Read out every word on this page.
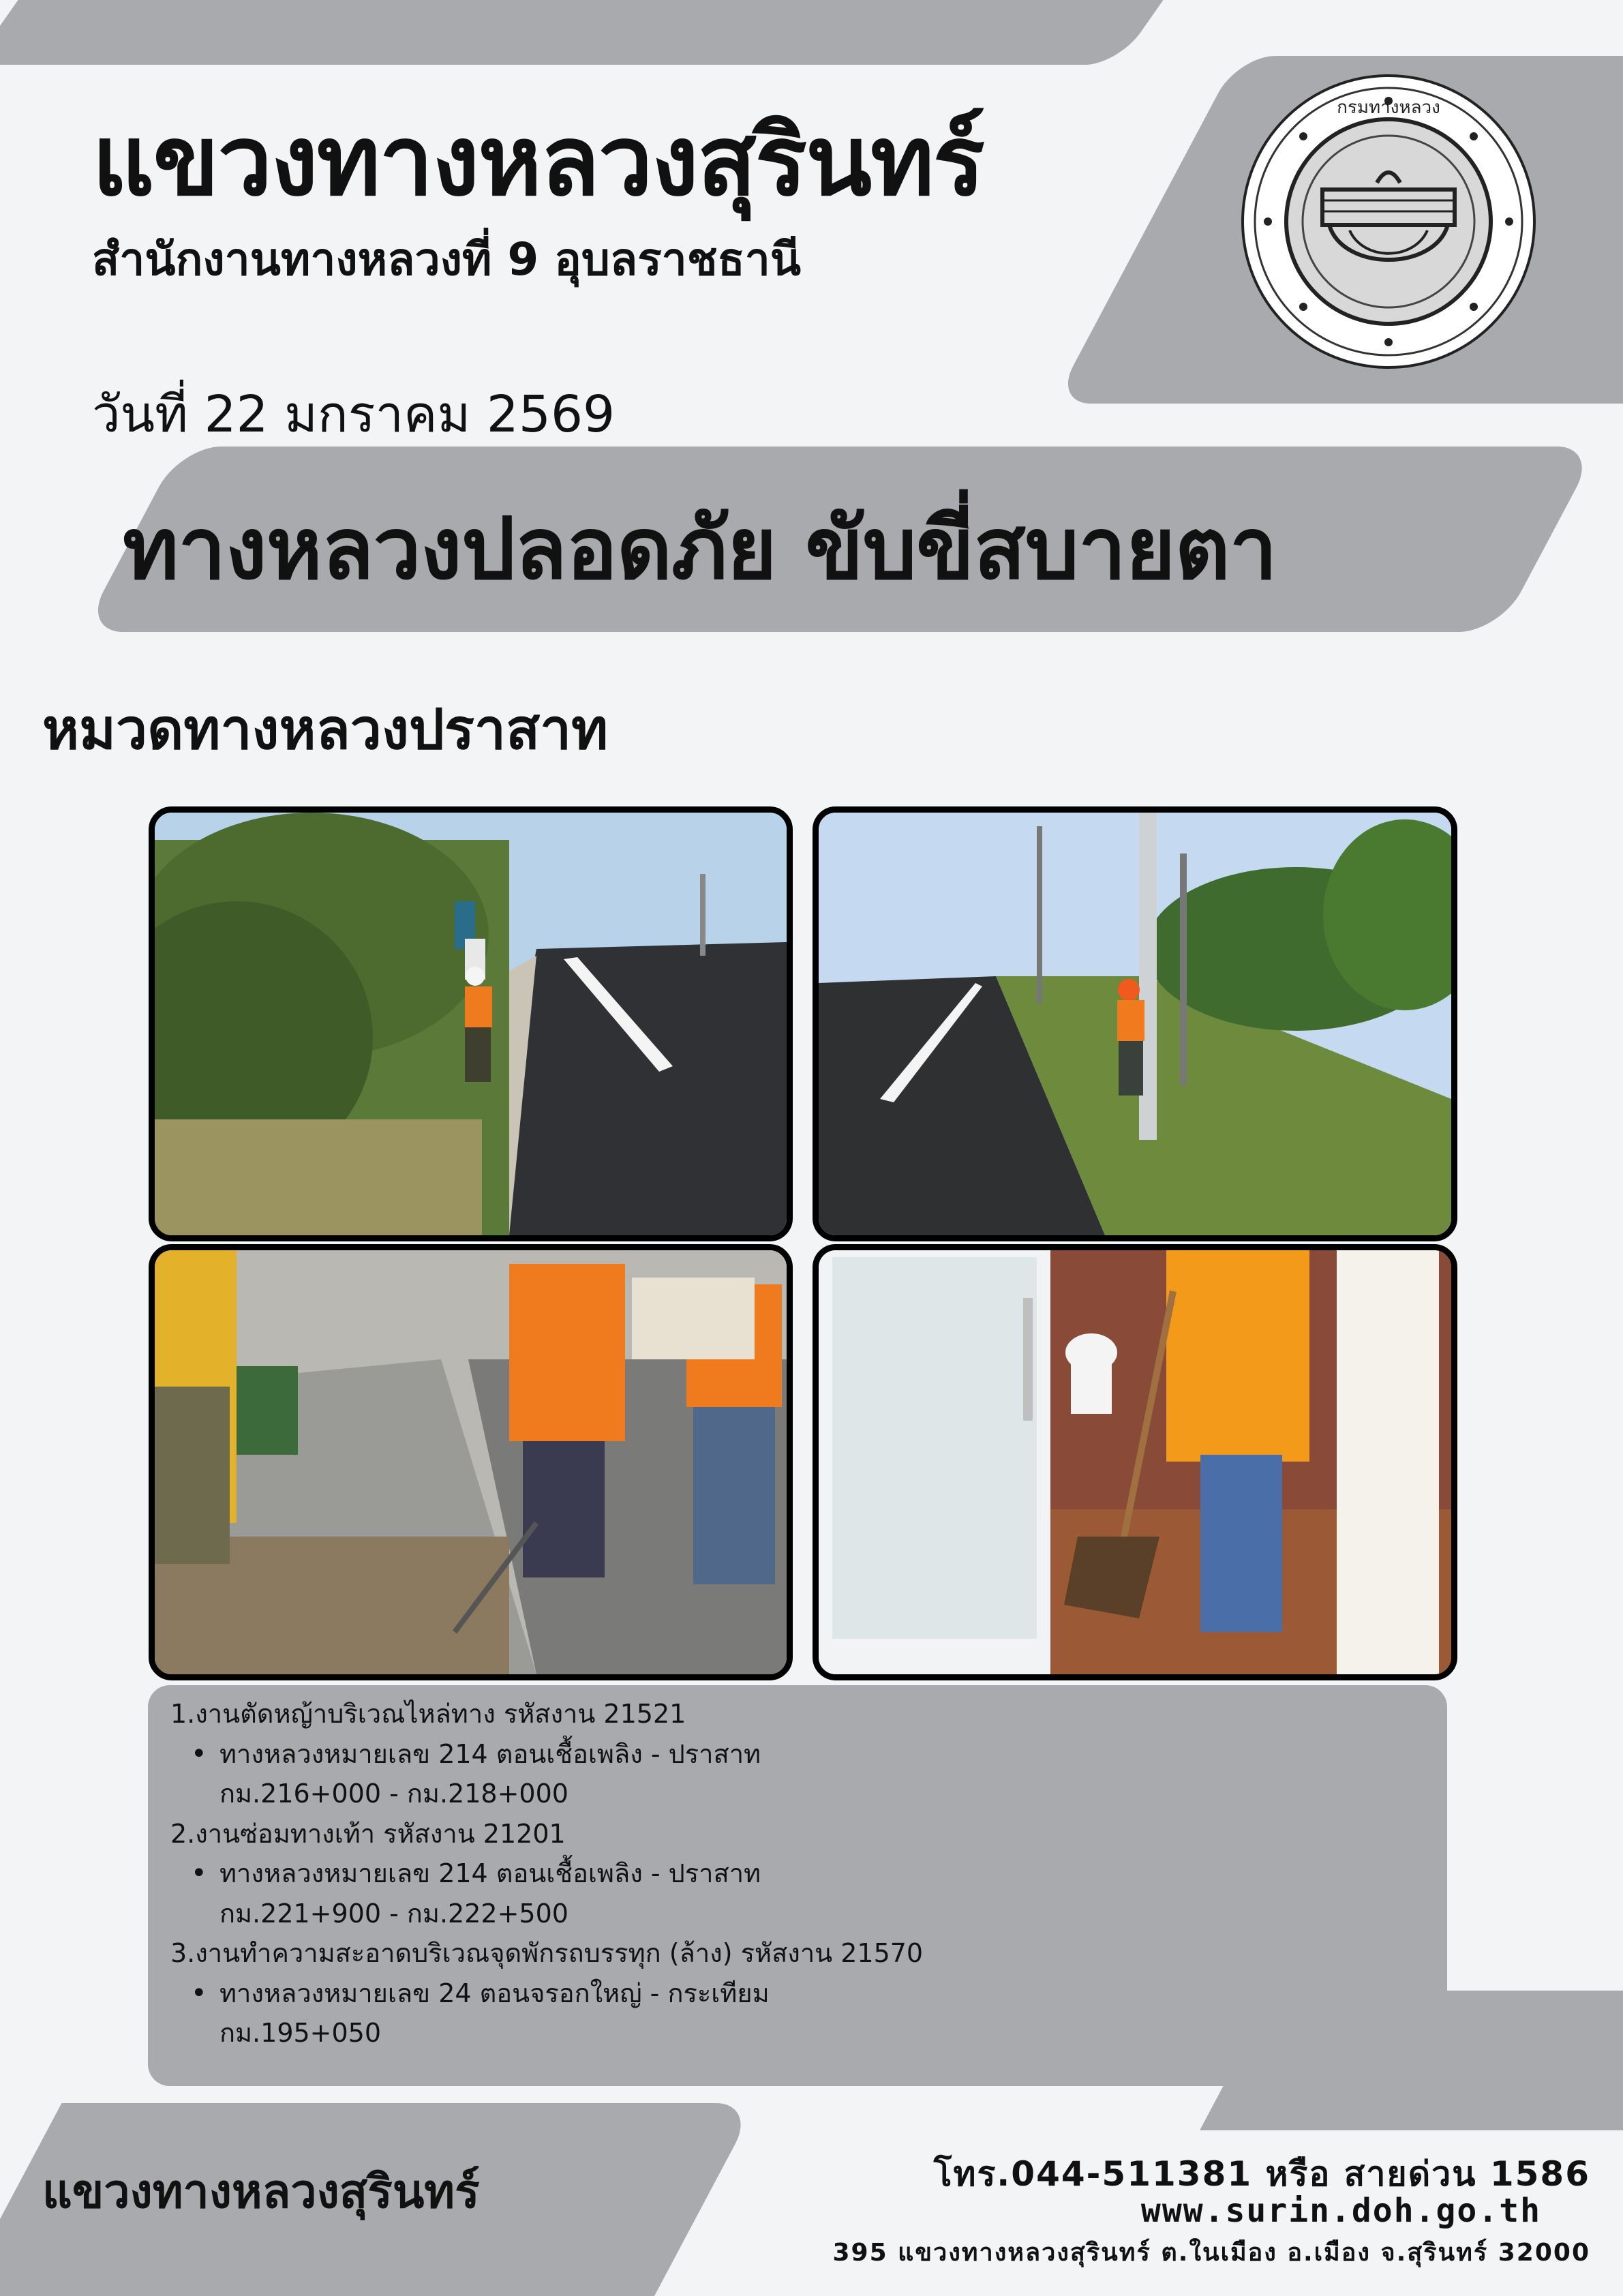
แขวงทางหลวงสุรินทร์
สำนักงานทางหลวงที่ 9 อุบลราชธานี
วันที่ 22 มกราคม 2569
กรมทางหลวง
ทางหลวงปลอดภัย ขับขี่สบายตา
หมวดทางหลวงปราสาท
1.งานตัดหญ้าบริเวณไหล่ทาง รหัสงาน 21521
• ทางหลวงหมายเลข 214 ตอนเชื้อเพลิง - ปราสาท
กม.216+000 - กม.218+000
2.งานซ่อมทางเท้า รหัสงาน 21201
• ทางหลวงหมายเลข 214 ตอนเชื้อเพลิง - ปราสาท
กม.221+900 - กม.222+500
3.งานทำความสะอาดบริเวณจุดพักรถบรรทุก (ล้าง) รหัสงาน 21570
• ทางหลวงหมายเลข 24 ตอนจรอกใหญ่ - กระเทียม
กม.195+050
แขวงทางหลวงสุรินทร์	โทร.044-511381 หรือ สายด่วน 1586
www.surin.doh.go.th
395 แขวงทางหลวงสุรินทร์ ต.ในเมือง อ.เมือง จ.สุรินทร์ 32000
